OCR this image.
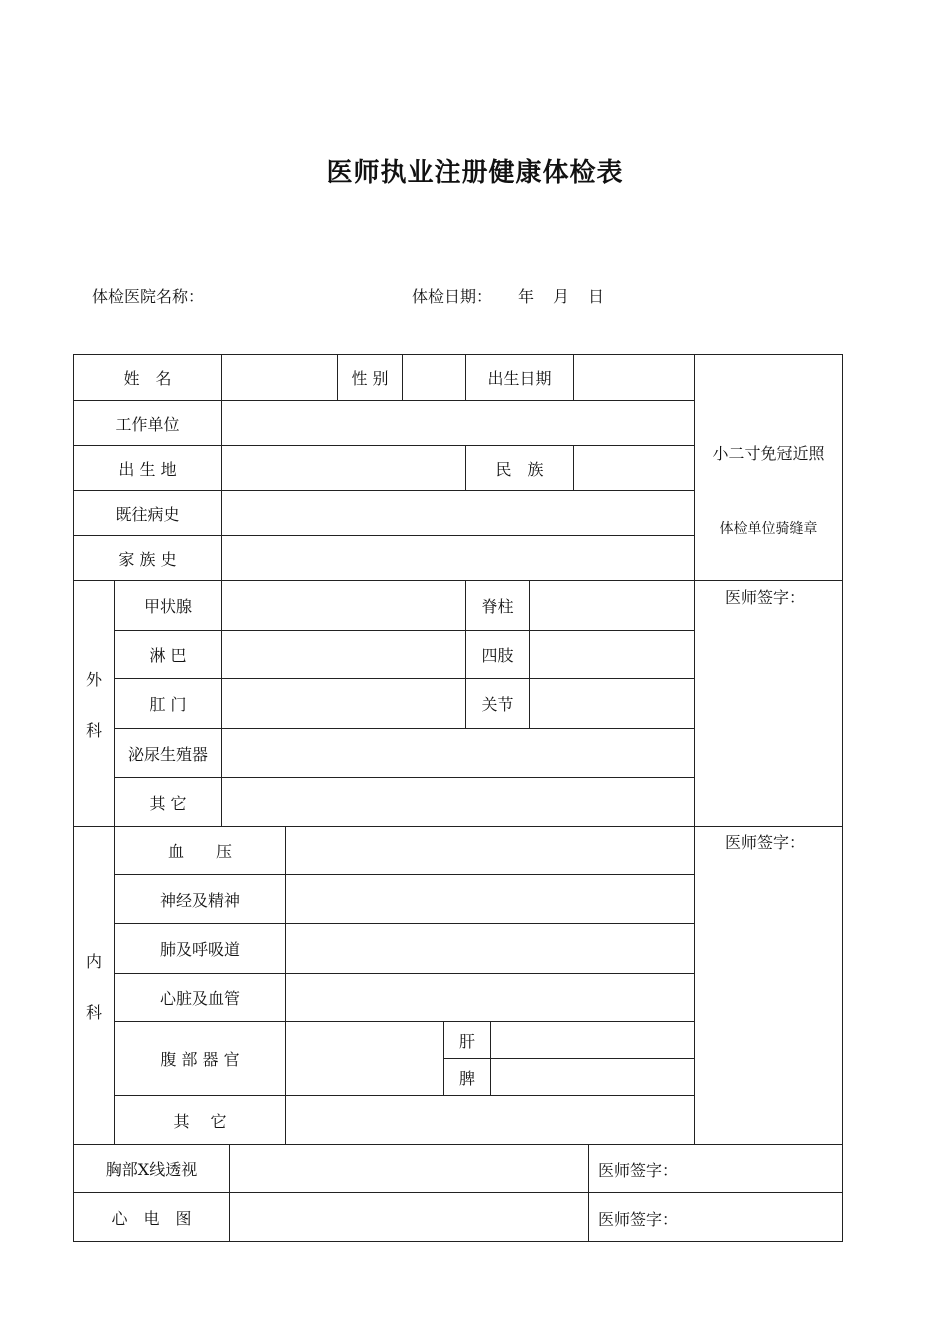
医师执业注册健康体检表
体检医院名称：	体检日期： 年 月 日
姓　名	性 别	出生日期
工作单位
出 生 地	民　族
既往病史
家 族 史
小二寸免冠近照
体检单位骑缝章
外
科
甲状腺	脊柱
淋 巴	四肢
肛 门	关节
泌尿生殖器
其 它
医师签字：
内
科
血　　压
神经及精神
肺及呼吸道
心脏及血管
腹 部 器 官
肝
脾
其　 它
医师签字：
胸部X线透视	医师签字：
心　电　图	医师签字：
